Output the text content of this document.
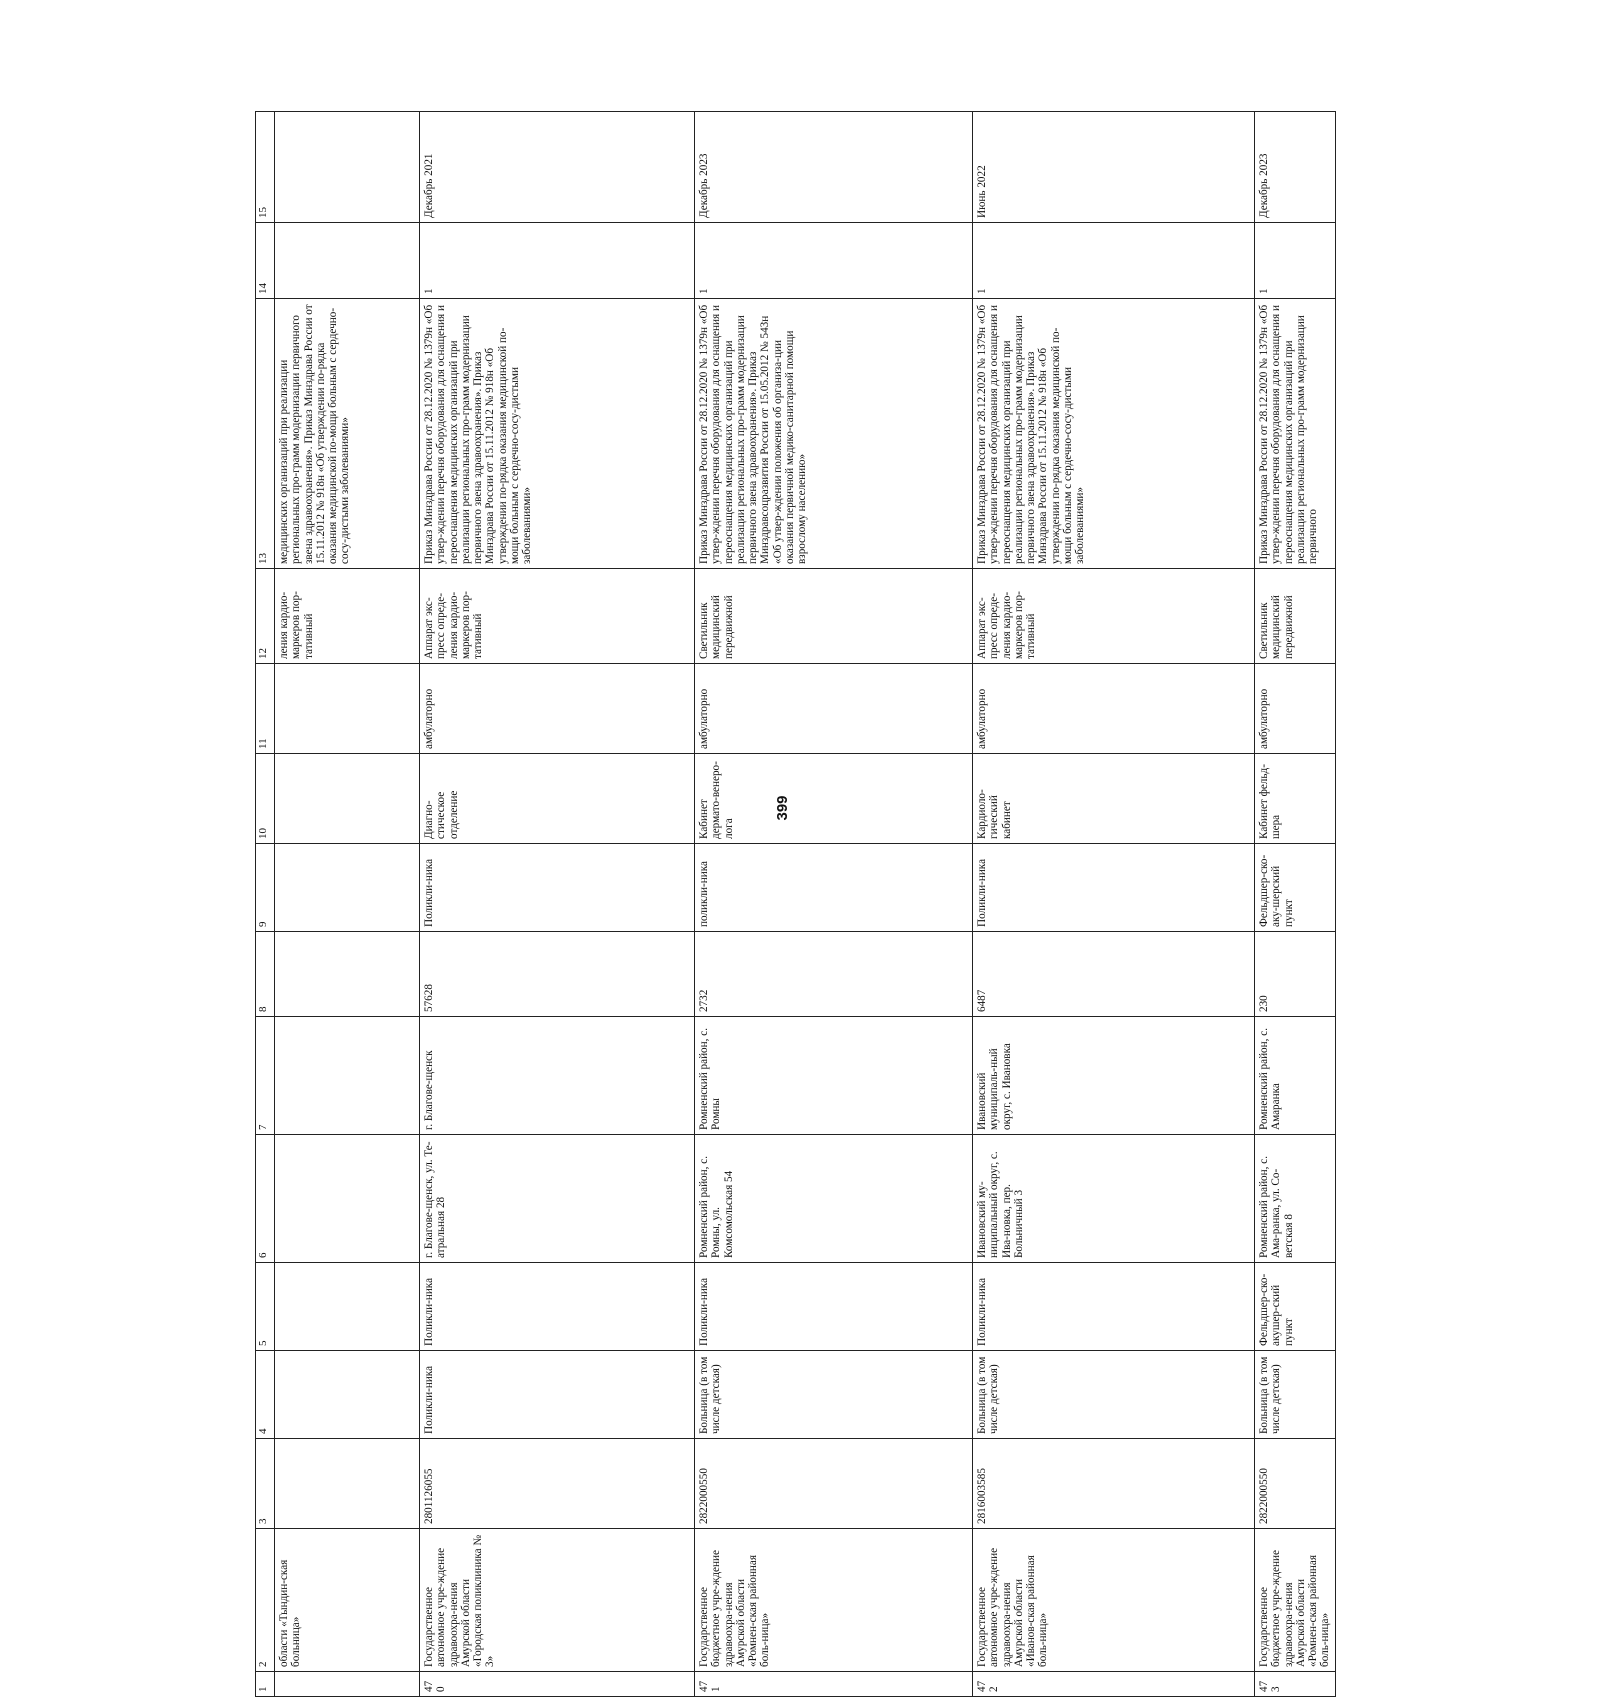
399
1	2	3	4	5	6	7	8	9	10	11	12	13	14	15
	области «Тындин-ская больница»										ления кардио-маркеров пор-тативный	медицинских организаций при реализации региональных про-грамм модернизации первичного звена здравоохранения». Приказ Минздрава России от 15.11.2012 № 918н «Об утверждении по-рядка оказания медицинской по-мощи больным с сердечно-сосу-дистыми заболеваниями»		
470	Государственное автономное учре-ждение здравоохра-нения Амурской области «Городская поликлиника № 3»	2801126055	Поликли-ника	Поликли-ника	г. Благове-щенск, ул. Те-атральная 28	г. Благове-щенск	57628	Поликли-ника	Диагно-стическое отделение	амбулаторно	Аппарат экс-пресс опреде-ления кардио-маркеров пор-тативный	Приказ Минздрава России от 28.12.2020 № 1379н «Об утвер-ждении перечня оборудования для оснащения и переоснащения медицинских организаций при реализации региональных про-грамм модернизации первичного звена здравоохранения». Приказ Минздрава России от 15.11.2012 № 918н «Об утверждении по-рядка оказания медицинской по-мощи больным с сердечно-сосу-дистыми заболеваниями»	1	Декабрь 2021
471	Государственное бюджетное учре-ждение здравоохра-нения Амурской области «Ромнен-ская районная боль-ница»	2822000550	Больница (в том числе детская)	Поликли-ника	Ромненский район, с. Ромны, ул. Комсомольская 54	Ромненский район, с. Ромны	2732	поликли-ника	Кабинет дермато-венеро-лога	амбулаторно	Светильник медицинский передвижной	Приказ Минздрава России от 28.12.2020 № 1379н «Об утвер-ждении перечня оборудования для оснащения и переоснащения медицинских организаций при реализации региональных про-грамм модернизации первичного звена здравоохранения». Приказ Минздравсоцразвития России от 15.05.2012 № 543н «Об утвер-ждении положения об организа-ции оказания первичной медико-санитарной помощи взрослому населению»	1	Декабрь 2023
472	Государственное автономное учре-ждение здравоохра-нения Амурской области «Иванов-ская районная боль-ница»	2816003585	Больница (в том числе детская)	Поликли-ника	Ивановский му-ниципальный округ, с. Ива-новка, пер. Больничный 3	Ивановский муниципаль-ный округ, с. Ивановка	6487	Поликли-ника	Кардиоло-гический кабинет	амбулаторно	Аппарат экс-пресс опреде-ления кардио-маркеров пор-тативный	Приказ Минздрава России от 28.12.2020 № 1379н «Об утвер-ждении перечня оборудования для оснащения и переоснащения медицинских организаций при реализации региональных про-грамм модернизации первичного звена здравоохранения». Приказ Минздрава России от 15.11.2012 № 918н «Об утверждении по-рядка оказания медицинской по-мощи больным с сердечно-сосу-дистыми заболеваниями»	1	Июнь 2022
473	Государственное бюджетное учре-ждение здравоохра-нения Амурской области «Ромнен-ская районная боль-ница»	2822000550	Больница (в том числе детская)	Фельдшер-ско-акушер-ский пункт	Ромненский район, с. Ама-ранка, ул. Со-ветская 8	Ромненский район, с. Амаранка	230	Фельдшер-ско-аку-шерский пункт	Кабинет фельд-шера	амбулаторно	Светильник медицинский передвижной	Приказ Минздрава России от 28.12.2020 № 1379н «Об утвер-ждении перечня оборудования для оснащения и переоснащения медицинских организаций при реализации региональных про-грамм модернизации первичного	1	Декабрь 2023
